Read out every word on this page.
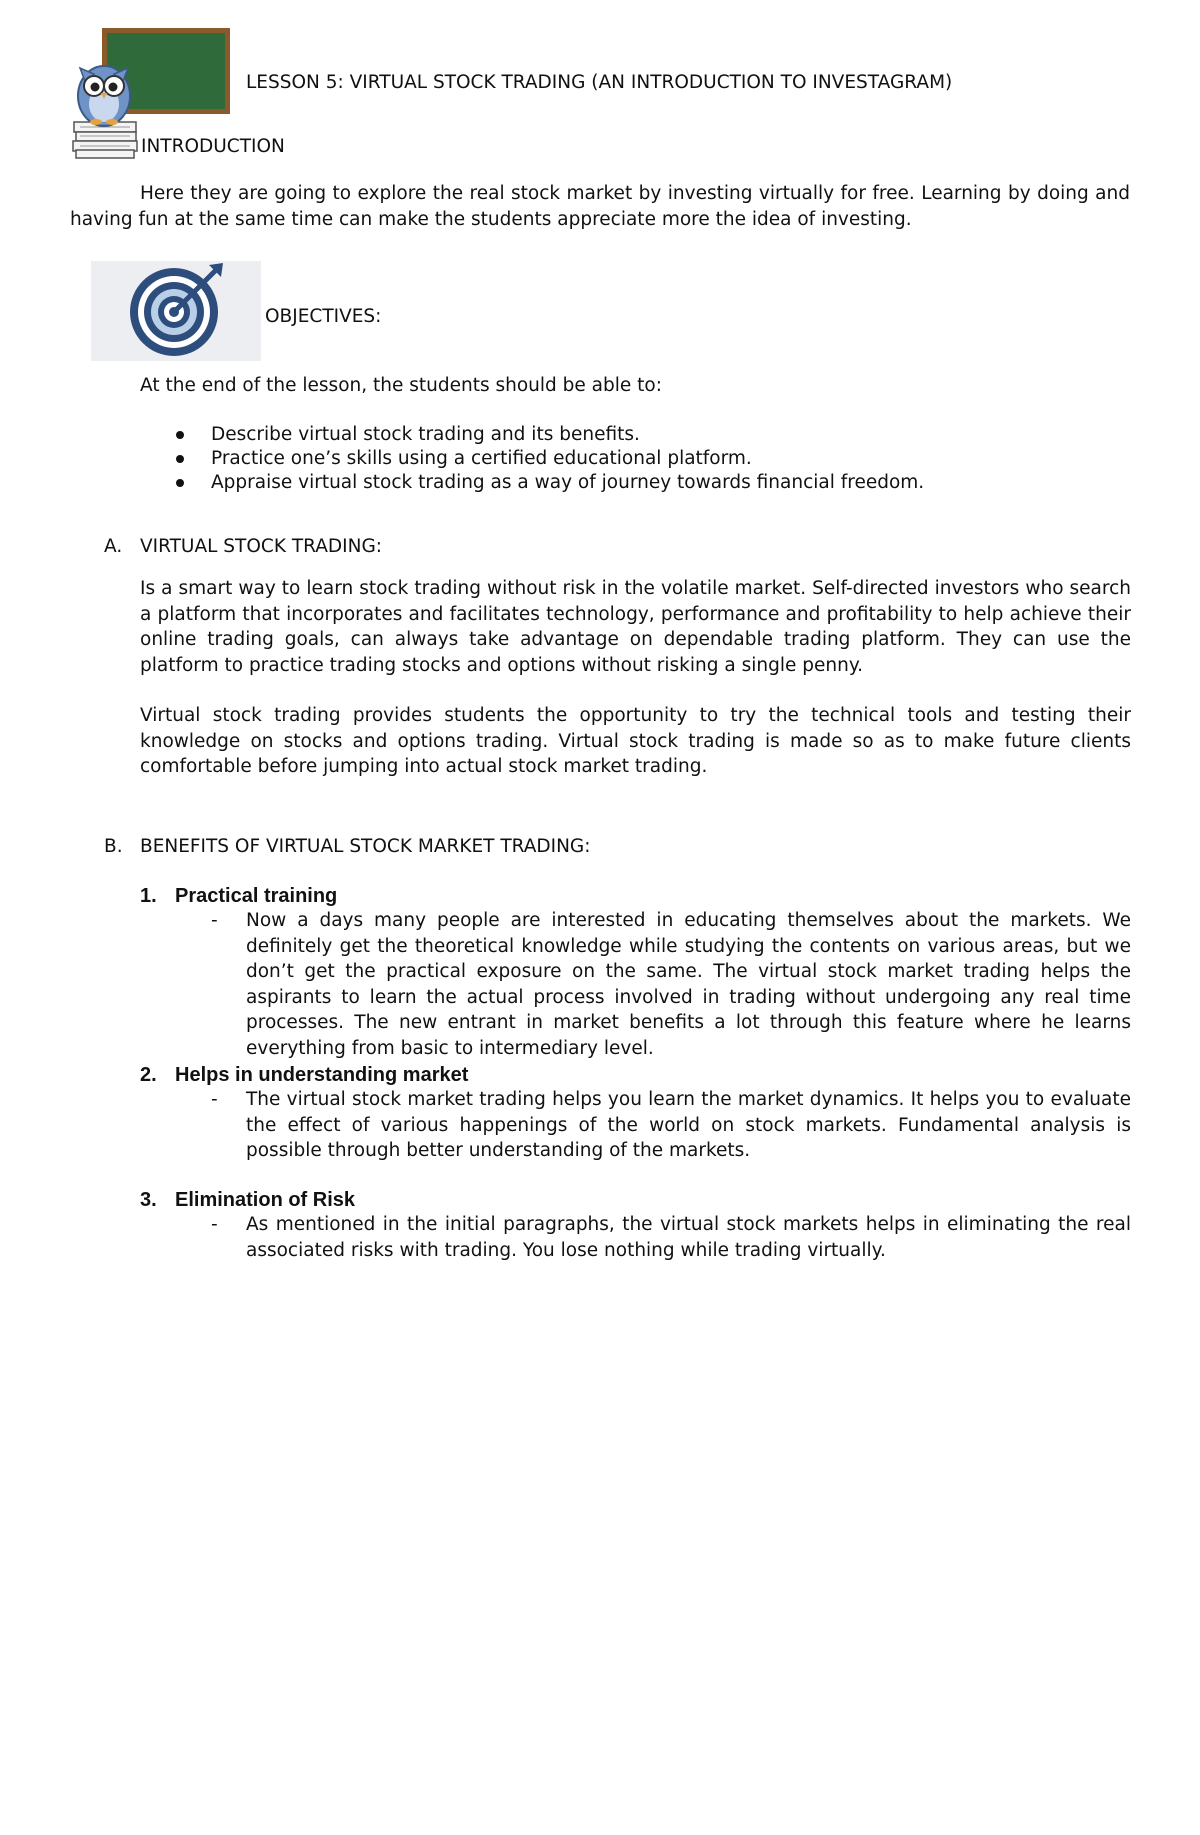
LESSON 5: VIRTUAL STOCK TRADING (AN INTRODUCTION TO INVESTAGRAM)
INTRODUCTION
Here they are going to explore the real stock market by investing virtually for free. Learning by doing and having fun at the same time can make the students appreciate more the idea of investing.
OBJECTIVES:
At the end of the lesson, the students should be able to:
Describe virtual stock trading and its benefits.
Practice one’s skills using a certified educational platform.
Appraise virtual stock trading as a way of journey towards financial freedom.
A. VIRTUAL STOCK TRADING:
Is a smart way to learn stock trading without risk in the volatile market. Self-directed investors who search a platform that incorporates and facilitates technology, performance and profitability to help achieve their online trading goals, can always take advantage on dependable trading platform. They can use the platform to practice trading stocks and options without risking a single penny.
Virtual stock trading provides students the opportunity to try the technical tools and testing their knowledge on stocks and options trading. Virtual stock trading is made so as to make future clients comfortable before jumping into actual stock market trading.
B. BENEFITS OF VIRTUAL STOCK MARKET TRADING:
1. Practical training
- Now a days many people are interested in educating themselves about the markets. We definitely get the theoretical knowledge while studying the contents on various areas, but we don’t get the practical exposure on the same. The virtual stock market trading helps the aspirants to learn the actual process involved in trading without undergoing any real time processes. The new entrant in market benefits a lot through this feature where he learns everything from basic to intermediary level.
2. Helps in understanding market
- The virtual stock market trading helps you learn the market dynamics. It helps you to evaluate the effect of various happenings of the world on stock markets. Fundamental analysis is possible through better understanding of the markets.
3. Elimination of Risk
- As mentioned in the initial paragraphs, the virtual stock markets helps in eliminating the real associated risks with trading. You lose nothing while trading virtually.
